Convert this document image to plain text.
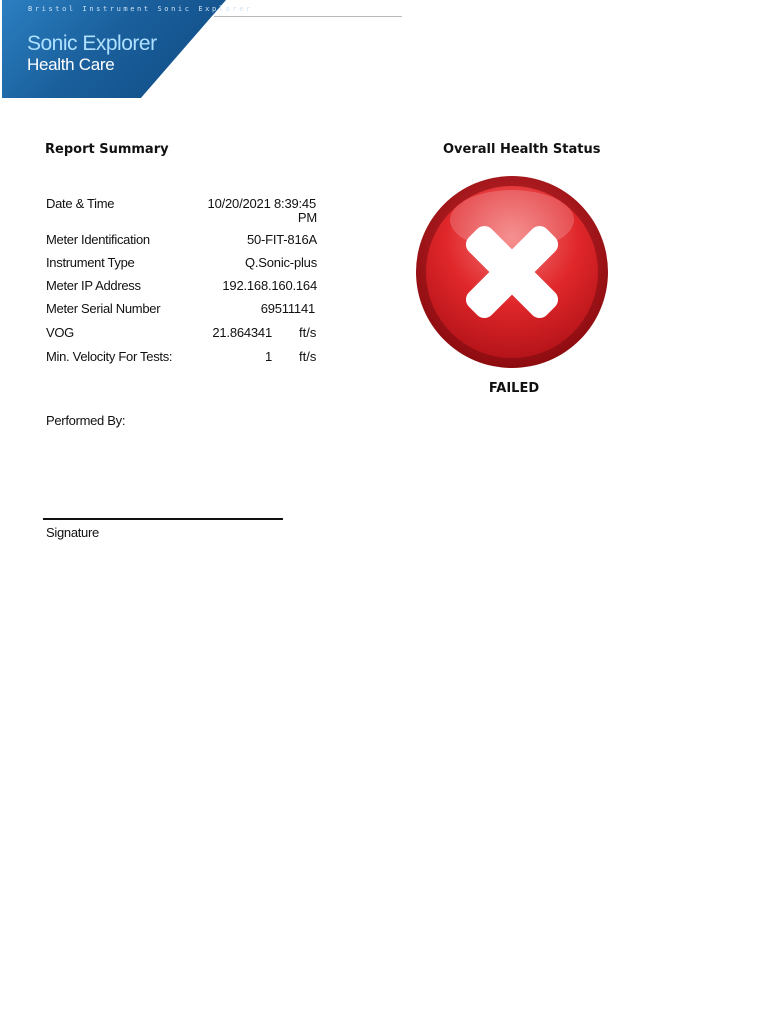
Bristol Instrument Sonic Explorer
Sonic Explorer
Health Care
Report Summary
Date & Time	10/20/2021 8:39:45
PM
Meter Identification	50-FIT-816A
Instrument Type	Q.Sonic-plus
Meter IP Address	192.168.160.164
Meter Serial Number	69511141
VOG	21.864341 ft/s
Min. Velocity For Tests:	1 ft/s
Overall Health Status
FAILED
Performed By:
Signature
